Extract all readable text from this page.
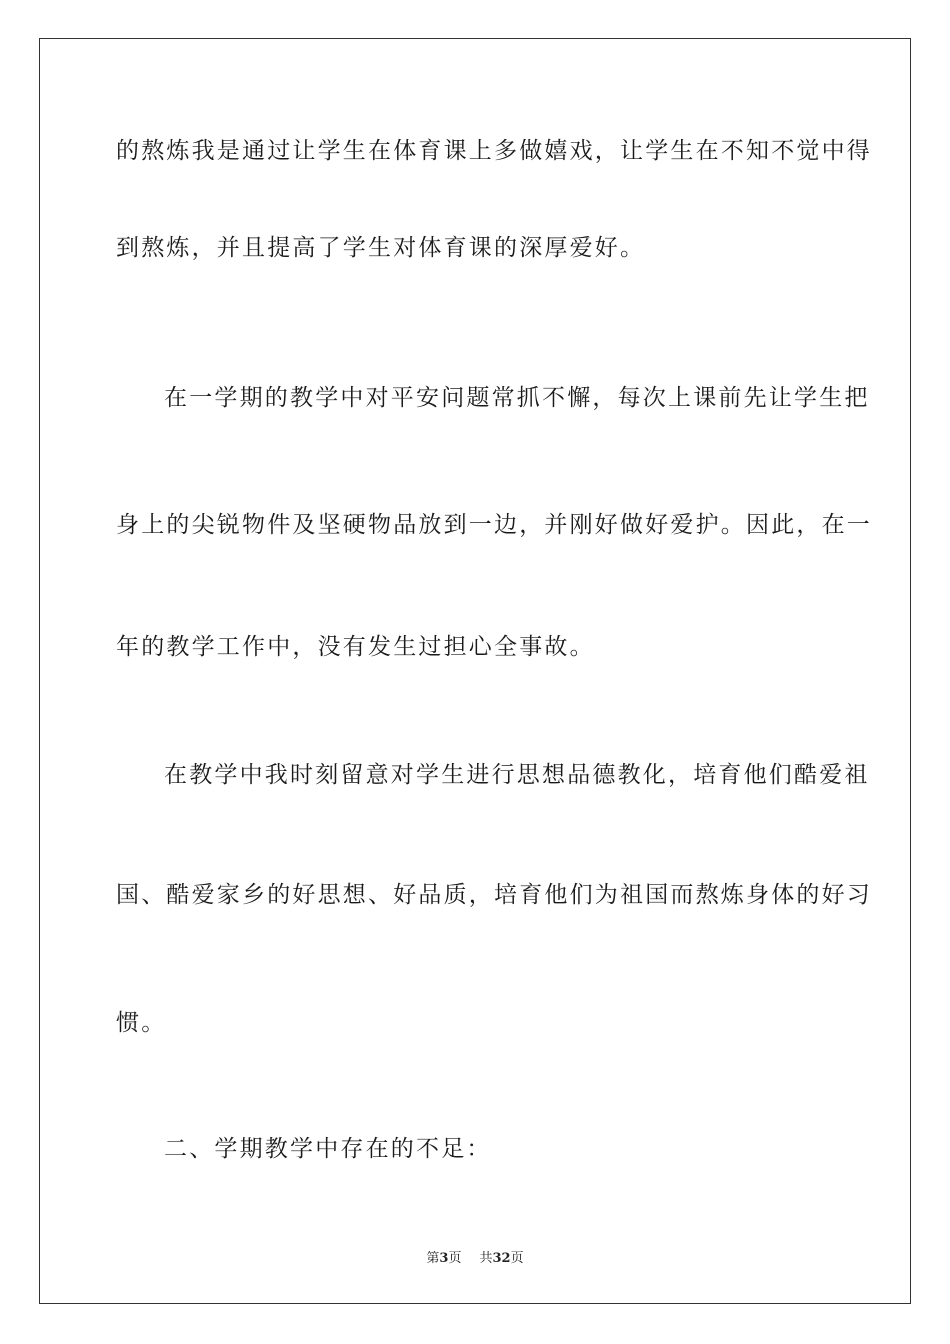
的熬炼我是通过让学生在体育课上多做嬉戏，让学生在不知不觉中得
到熬炼，并且提高了学生对体育课的深厚爱好。
在一学期的教学中对平安问题常抓不懈，每次上课前先让学生把
身上的尖锐物件及坚硬物品放到一边，并刚好做好爱护。因此，在一
年的教学工作中，没有发生过担心全事故。
在教学中我时刻留意对学生进行思想品德教化，培育他们酷爱祖
国、酷爱家乡的好思想、好品质，培育他们为祖国而熬炼身体的好习
惯。
二、学期教学中存在的不足：
第3页 共32页
